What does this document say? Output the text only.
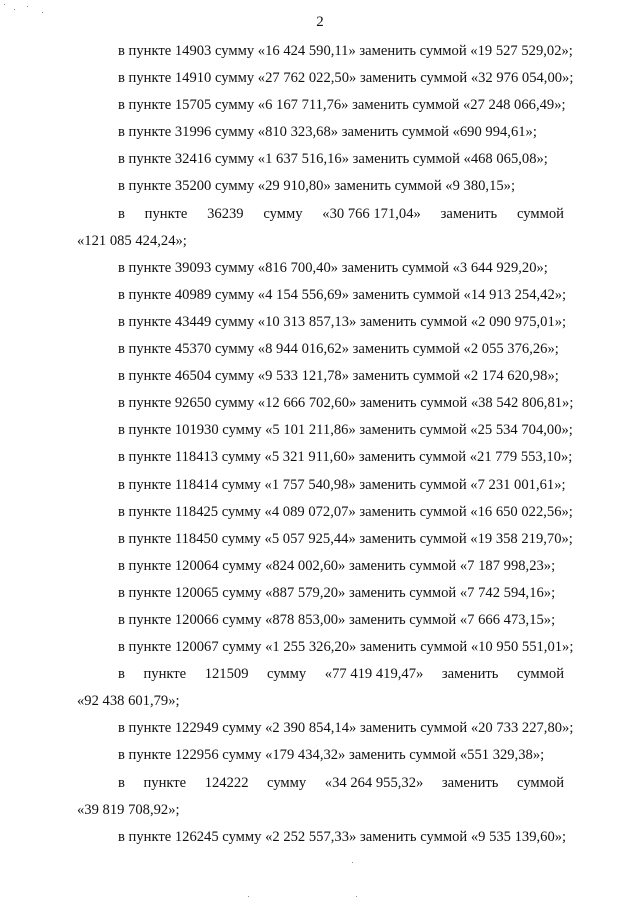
2
в пункте 14903 сумму «16 424 590,11» заменить суммой «19 527 529,02»;
в пункте 14910 сумму «27 762 022,50» заменить суммой «32 976 054,00»;
в пункте 15705 сумму «6 167 711,76» заменить суммой «27 248 066,49»;
в пункте 31996 сумму «810 323,68» заменить суммой «690 994,61»;
в пункте 32416 сумму «1 637 516,16» заменить суммой «468 065,08»;
в пункте 35200 сумму «29 910,80» заменить суммой «9 380,15»;
в пункте 36239 сумму «30 766 171,04» заменить суммой
«121 085 424,24»;
в пункте 39093 сумму «816 700,40» заменить суммой «3 644 929,20»;
в пункте 40989 сумму «4 154 556,69» заменить суммой «14 913 254,42»;
в пункте 43449 сумму «10 313 857,13» заменить суммой «2 090 975,01»;
в пункте 45370 сумму «8 944 016,62» заменить суммой «2 055 376,26»;
в пункте 46504 сумму «9 533 121,78» заменить суммой «2 174 620,98»;
в пункте 92650 сумму «12 666 702,60» заменить суммой «38 542 806,81»;
в пункте 101930 сумму «5 101 211,86» заменить суммой «25 534 704,00»;
в пункте 118413 сумму «5 321 911,60» заменить суммой «21 779 553,10»;
в пункте 118414 сумму «1 757 540,98» заменить суммой «7 231 001,61»;
в пункте 118425 сумму «4 089 072,07» заменить суммой «16 650 022,56»;
в пункте 118450 сумму «5 057 925,44» заменить суммой «19 358 219,70»;
в пункте 120064 сумму «824 002,60» заменить суммой «7 187 998,23»;
в пункте 120065 сумму «887 579,20» заменить суммой «7 742 594,16»;
в пункте 120066 сумму «878 853,00» заменить суммой «7 666 473,15»;
в пункте 120067 сумму «1 255 326,20» заменить суммой «10 950 551,01»;
в пункте 121509 сумму «77 419 419,47» заменить суммой
«92 438 601,79»;
в пункте 122949 сумму «2 390 854,14» заменить суммой «20 733 227,80»;
в пункте 122956 сумму «179 434,32» заменить суммой «551 329,38»;
в пункте 124222 сумму «34 264 955,32» заменить суммой
«39 819 708,92»;
в пункте 126245 сумму «2 252 557,33» заменить суммой «9 535 139,60»;
